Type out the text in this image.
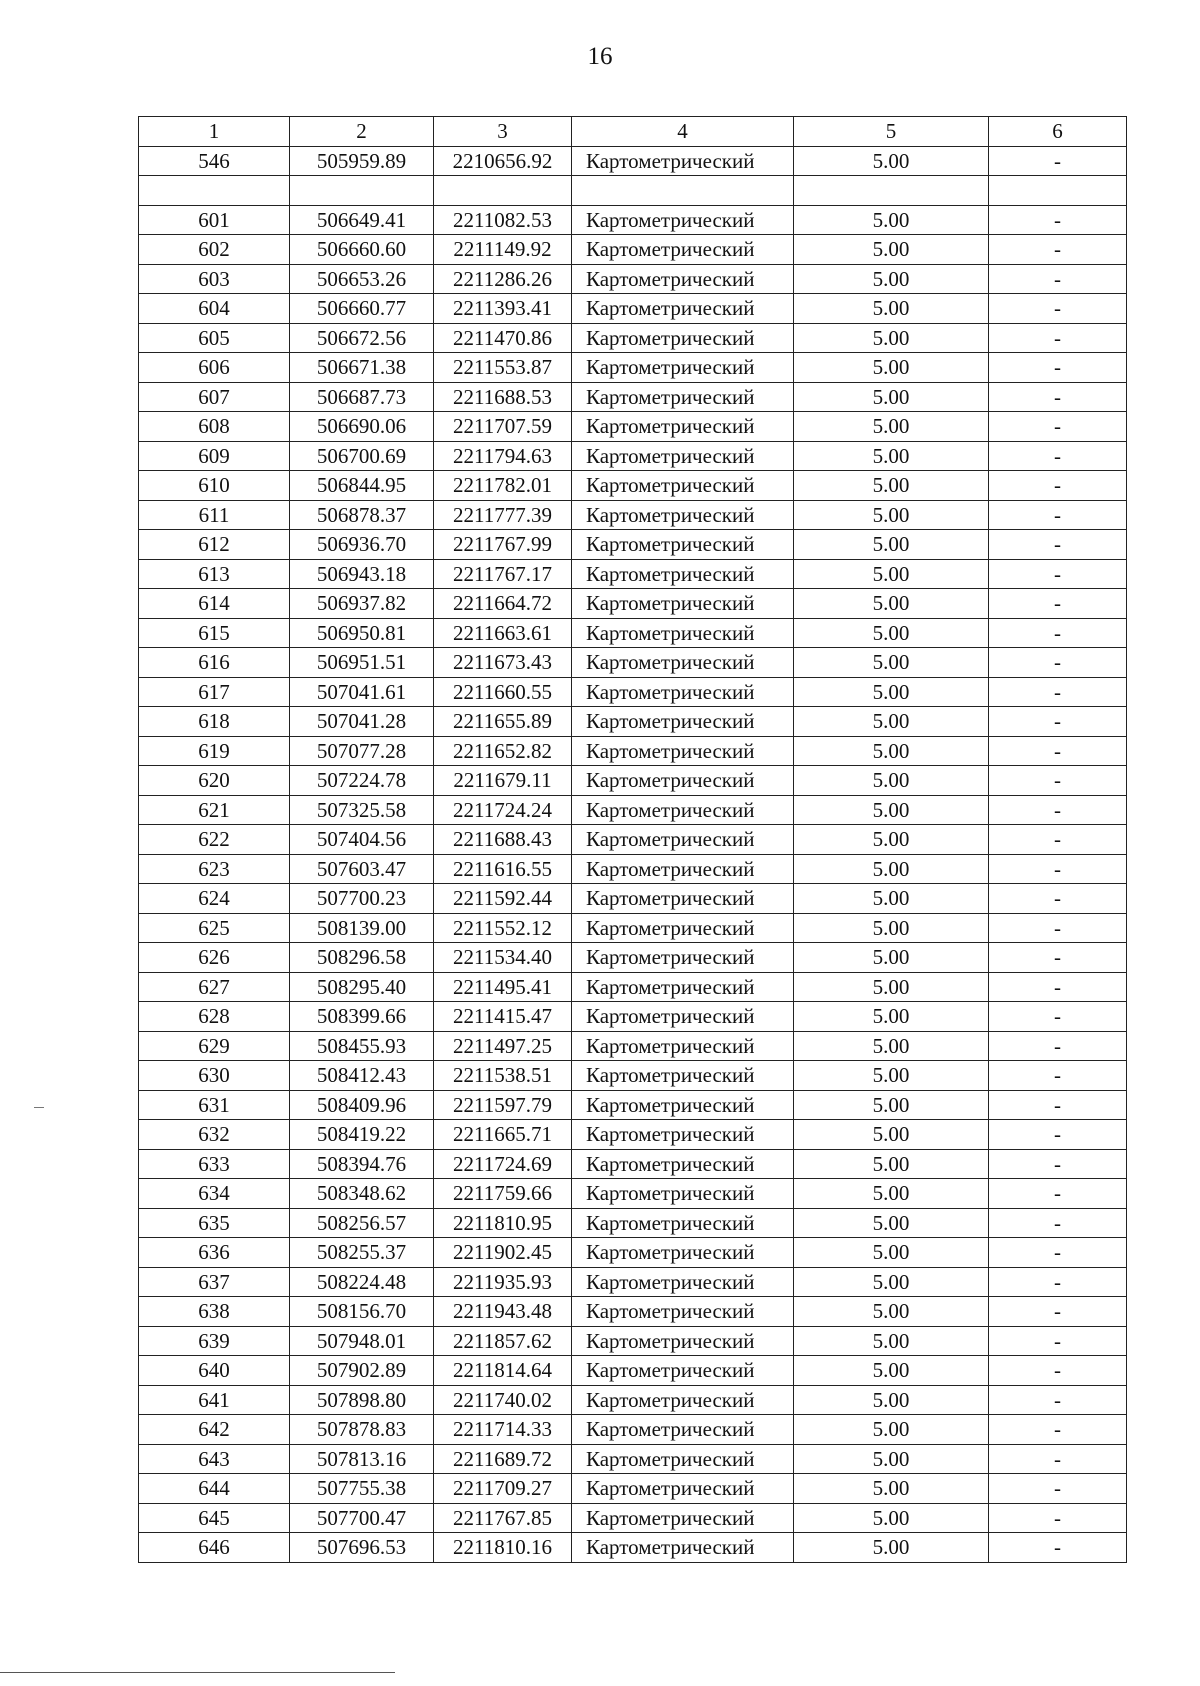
16
1	2	3	4	5	6
546	505959.89	2210656.92	Картометрический	5.00	-

601	506649.41	2211082.53	Картометрический	5.00	-
602	506660.60	2211149.92	Картометрический	5.00	-
603	506653.26	2211286.26	Картометрический	5.00	-
604	506660.77	2211393.41	Картометрический	5.00	-
605	506672.56	2211470.86	Картометрический	5.00	-
606	506671.38	2211553.87	Картометрический	5.00	-
607	506687.73	2211688.53	Картометрический	5.00	-
608	506690.06	2211707.59	Картометрический	5.00	-
609	506700.69	2211794.63	Картометрический	5.00	-
610	506844.95	2211782.01	Картометрический	5.00	-
611	506878.37	2211777.39	Картометрический	5.00	-
612	506936.70	2211767.99	Картометрический	5.00	-
613	506943.18	2211767.17	Картометрический	5.00	-
614	506937.82	2211664.72	Картометрический	5.00	-
615	506950.81	2211663.61	Картометрический	5.00	-
616	506951.51	2211673.43	Картометрический	5.00	-
617	507041.61	2211660.55	Картометрический	5.00	-
618	507041.28	2211655.89	Картометрический	5.00	-
619	507077.28	2211652.82	Картометрический	5.00	-
620	507224.78	2211679.11	Картометрический	5.00	-
621	507325.58	2211724.24	Картометрический	5.00	-
622	507404.56	2211688.43	Картометрический	5.00	-
623	507603.47	2211616.55	Картометрический	5.00	-
624	507700.23	2211592.44	Картометрический	5.00	-
625	508139.00	2211552.12	Картометрический	5.00	-
626	508296.58	2211534.40	Картометрический	5.00	-
627	508295.40	2211495.41	Картометрический	5.00	-
628	508399.66	2211415.47	Картометрический	5.00	-
629	508455.93	2211497.25	Картометрический	5.00	-
630	508412.43	2211538.51	Картометрический	5.00	-
631	508409.96	2211597.79	Картометрический	5.00	-
632	508419.22	2211665.71	Картометрический	5.00	-
633	508394.76	2211724.69	Картометрический	5.00	-
634	508348.62	2211759.66	Картометрический	5.00	-
635	508256.57	2211810.95	Картометрический	5.00	-
636	508255.37	2211902.45	Картометрический	5.00	-
637	508224.48	2211935.93	Картометрический	5.00	-
638	508156.70	2211943.48	Картометрический	5.00	-
639	507948.01	2211857.62	Картометрический	5.00	-
640	507902.89	2211814.64	Картометрический	5.00	-
641	507898.80	2211740.02	Картометрический	5.00	-
642	507878.83	2211714.33	Картометрический	5.00	-
643	507813.16	2211689.72	Картометрический	5.00	-
644	507755.38	2211709.27	Картометрический	5.00	-
645	507700.47	2211767.85	Картометрический	5.00	-
646	507696.53	2211810.16	Картометрический	5.00	-
